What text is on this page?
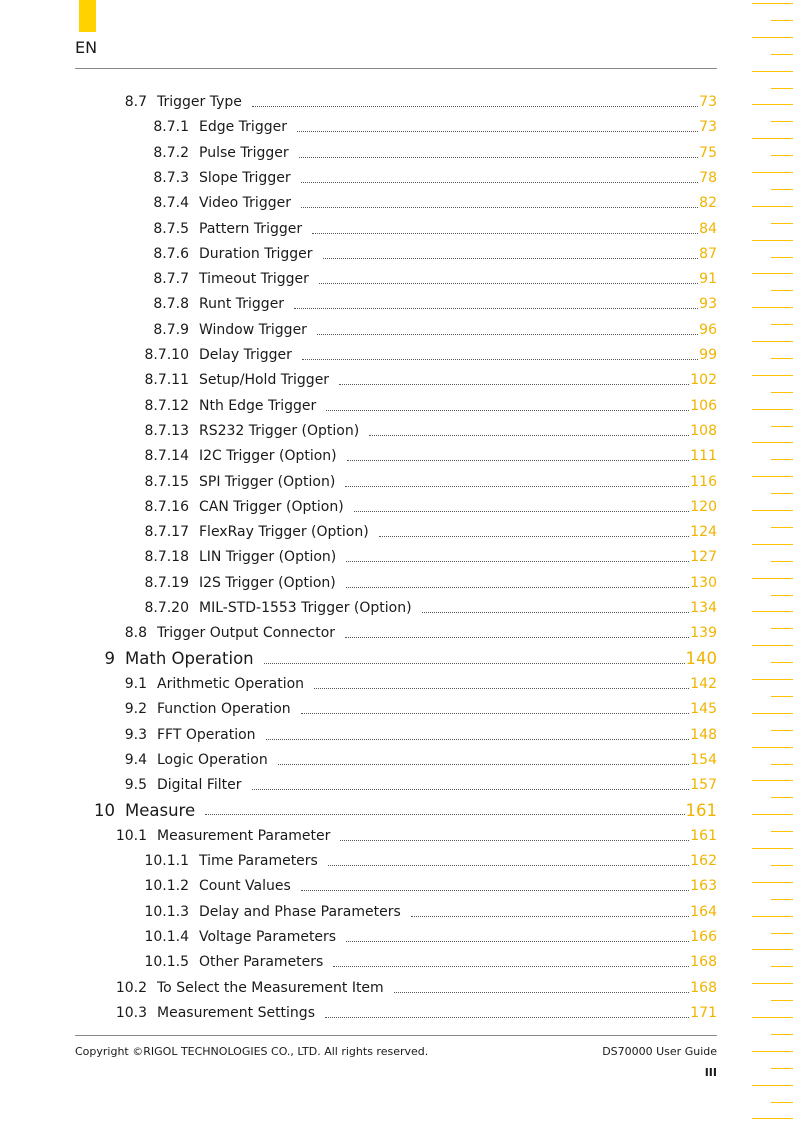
EN
8.7 Trigger Type	73
8.7.1 Edge Trigger	73
8.7.2 Pulse Trigger	75
8.7.3 Slope Trigger	78
8.7.4 Video Trigger	82
8.7.5 Pattern Trigger	84
8.7.6 Duration Trigger	87
8.7.7 Timeout Trigger	91
8.7.8 Runt Trigger	93
8.7.9 Window Trigger	96
8.7.10 Delay Trigger	99
8.7.11 Setup/Hold Trigger	102
8.7.12 Nth Edge Trigger	106
8.7.13 RS232 Trigger (Option)	108
8.7.14 I2C Trigger (Option)	111
8.7.15 SPI Trigger (Option)	116
8.7.16 CAN Trigger (Option)	120
8.7.17 FlexRay Trigger (Option)	124
8.7.18 LIN Trigger (Option)	127
8.7.19 I2S Trigger (Option)	130
8.7.20 MIL-STD-1553 Trigger (Option)	134
8.8 Trigger Output Connector	139
9 Math Operation	140
9.1 Arithmetic Operation	142
9.2 Function Operation	145
9.3 FFT Operation	148
9.4 Logic Operation	154
9.5 Digital Filter	157
10 Measure	161
10.1 Measurement Parameter	161
10.1.1 Time Parameters	162
10.1.2 Count Values	163
10.1.3 Delay and Phase Parameters	164
10.1.4 Voltage Parameters	166
10.1.5 Other Parameters	168
10.2 To Select the Measurement Item	168
10.3 Measurement Settings	171
Copyright ©RIGOL TECHNOLOGIES CO., LTD. All rights reserved.	DS70000 User Guide
III
